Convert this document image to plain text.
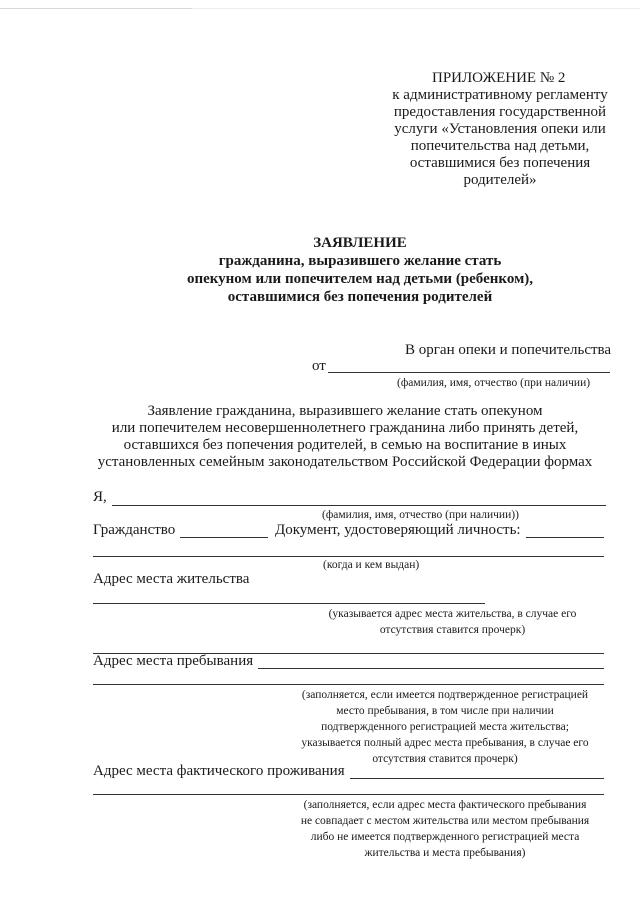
ПРИЛОЖЕНИЕ № 2
к административному регламенту
предоставления государственной
услуги «Установления опеки или
попечительства над детьми,
оставшимися без попечения
родителей»
ЗАЯВЛЕНИЕ
гражданина, выразившего желание стать
опекуном или попечителем над детьми (ребенком),
оставшимися без попечения родителей
В орган опеки и попечительства
от
(фамилия, имя, отчество (при наличии)
Заявление гражданина, выразившего желание стать опекуном
или попечителем несовершеннолетнего гражданина либо принять детей,
оставшихся без попечения родителей, в семью на воспитание в иных
установленных семейным законодательством Российской Федерации формах
Я,
(фамилия, имя, отчество (при наличии))
Гражданство	Документ, удостоверяющий личность:
(когда и кем выдан)
Адрес места жительства
(указывается адрес места жительства, в случае его
отсутствия ставится прочерк)
Адрес места пребывания
(заполняется, если имеется подтвержденное регистрацией
место пребывания, в том числе при наличии
подтвержденного регистрацией места жительства;
указывается полный адрес места пребывания, в случае его
отсутствия ставится прочерк)
Адрес места фактического проживания
(заполняется, если адрес места фактического пребывания
не совпадает с местом жительства или местом пребывания
либо не имеется подтвержденного регистрацией места
жительства и места пребывания)
